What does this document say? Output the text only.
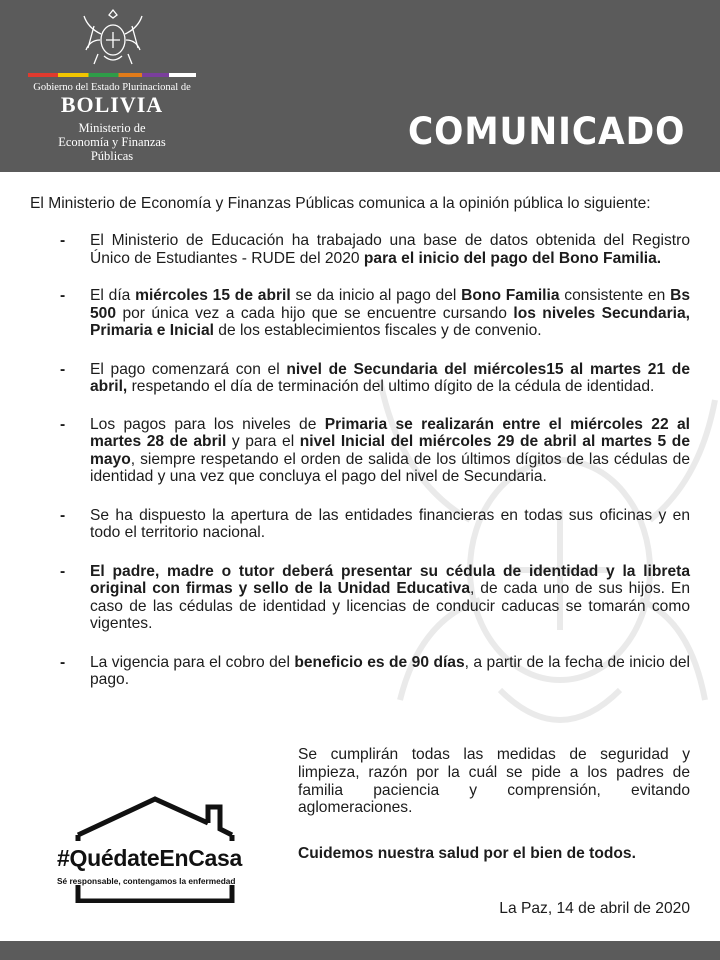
Gobierno del Estado Plurinacional de
BOLIVIA
Ministerio de
Economía y Finanzas
Públicas
COMUNICADO
El Ministerio de Economía y Finanzas Públicas comunica a la opinión pública lo siguiente:
- El Ministerio de Educación ha trabajado una base de datos obtenida del Registro Único de Estudiantes - RUDE del 2020 para el inicio del pago del Bono Familia.
- El día miércoles 15 de abril se da inicio al pago del Bono Familia consistente en Bs 500 por única vez a cada hijo que se encuentre cursando los niveles Secundaria, Primaria e Inicial de los establecimientos fiscales y de convenio.
- El pago comenzará con el nivel de Secundaria del miércoles15 al martes 21 de abril, respetando el día de terminación del ultimo dígito de la cédula de identidad.
- Los pagos para los niveles de Primaria se realizarán entre el miércoles 22 al martes 28 de abril y para el nivel Inicial del miércoles 29 de abril al martes 5 de mayo, siempre respetando el orden de salida de los últimos dígitos de las cédulas de identidad y una vez que concluya el pago del nivel de Secundaria.
- Se ha dispuesto la apertura de las entidades financieras en todas sus oficinas y en todo el territorio nacional.
- El padre, madre o tutor deberá presentar su cédula de identidad y la libreta original con firmas y sello de la Unidad Educativa, de cada uno de sus hijos. En caso de las cédulas de identidad y licencias de conducir caducas se tomarán como vigentes.
- La vigencia para el cobro del beneficio es de 90 días, a partir de la fecha de inicio del pago.
Se cumplirán todas las medidas de seguridad y limpieza, razón por la cuál se pide a los padres de familia paciencia y comprensión, evitando aglomeraciones.
Cuidemos nuestra salud por el bien de todos.
#QuédateEnCasa
Sé responsable, contengamos la enfermedad
La Paz, 14 de abril de 2020
